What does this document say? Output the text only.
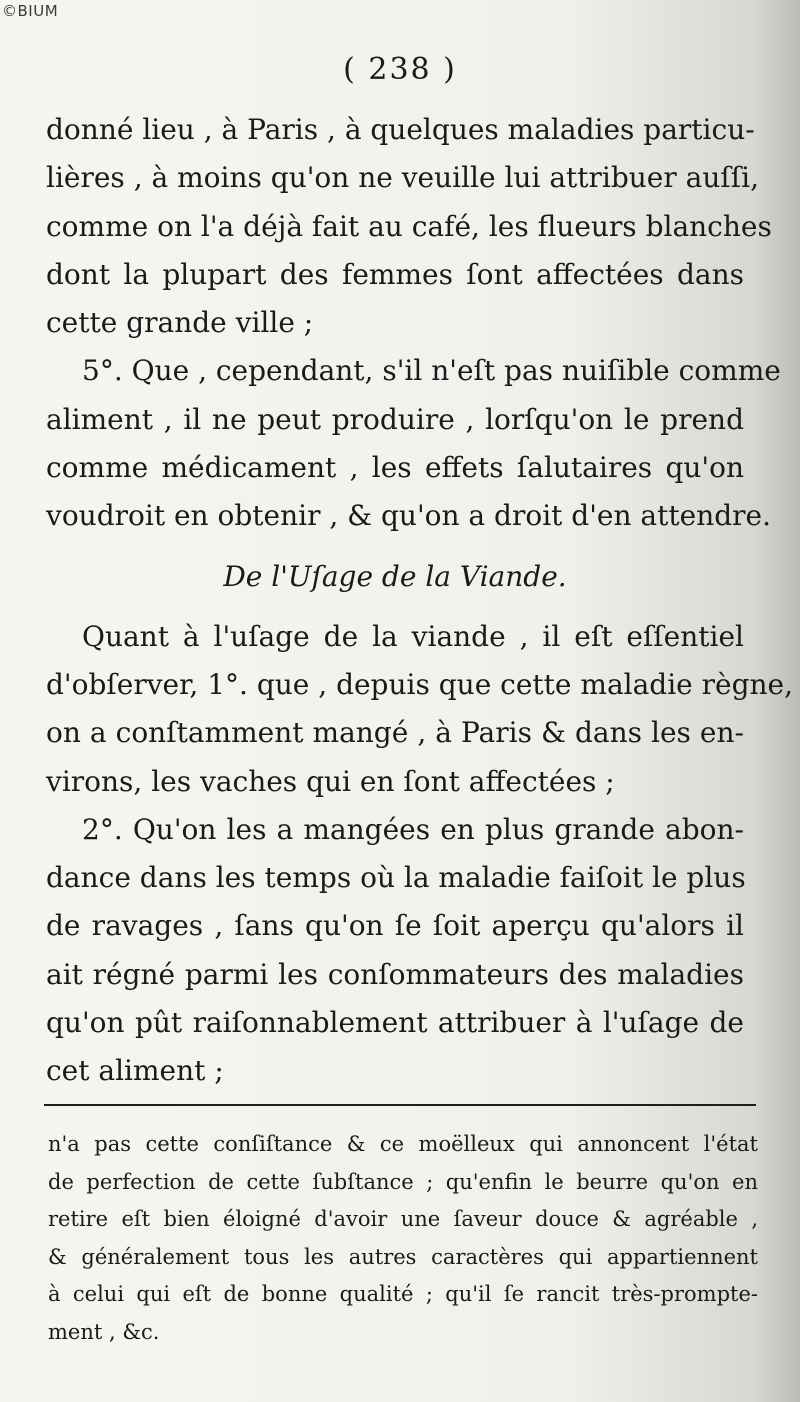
©BIUM
( 238 )
donné lieu , à Paris , à quelques maladies particu-
lières , à moins qu'on ne veuille lui attribuer auſſi,
comme on l'a déjà fait au café, les flueurs blanches
dont la plupart des femmes ſont affectées dans
cette grande ville ;
5°. Que , cependant, s'il n'eſt pas nuiſible comme
aliment , il ne peut produire , lorſqu'on le prend
comme médicament , les effets ſalutaires qu'on
voudroit en obtenir , & qu'on a droit d'en attendre.
De l'Uſage de la Viande.
Quant à l'uſage de la viande , il eſt eſſentiel
d'obſerver, 1°. que , depuis que cette maladie règne,
on a conſtamment mangé , à Paris & dans les en-
virons, les vaches qui en ſont affectées ;
2°. Qu'on les a mangées en plus grande abon-
dance dans les temps où la maladie faiſoit le plus
de ravages , ſans qu'on ſe ſoit aperçu qu'alors il
ait régné parmi les conſommateurs des maladies
qu'on pût raiſonnablement attribuer à l'uſage de
cet aliment ;
n'a pas cette conſiſtance & ce moëlleux qui annoncent l'état
de perfection de cette ſubſtance ; qu'enfin le beurre qu'on en
retire eſt bien éloigné d'avoir une ſaveur douce & agréable ,
& généralement tous les autres caractères qui appartiennent
à celui qui eſt de bonne qualité ; qu'il ſe rancit très-prompte-
ment , &c.
